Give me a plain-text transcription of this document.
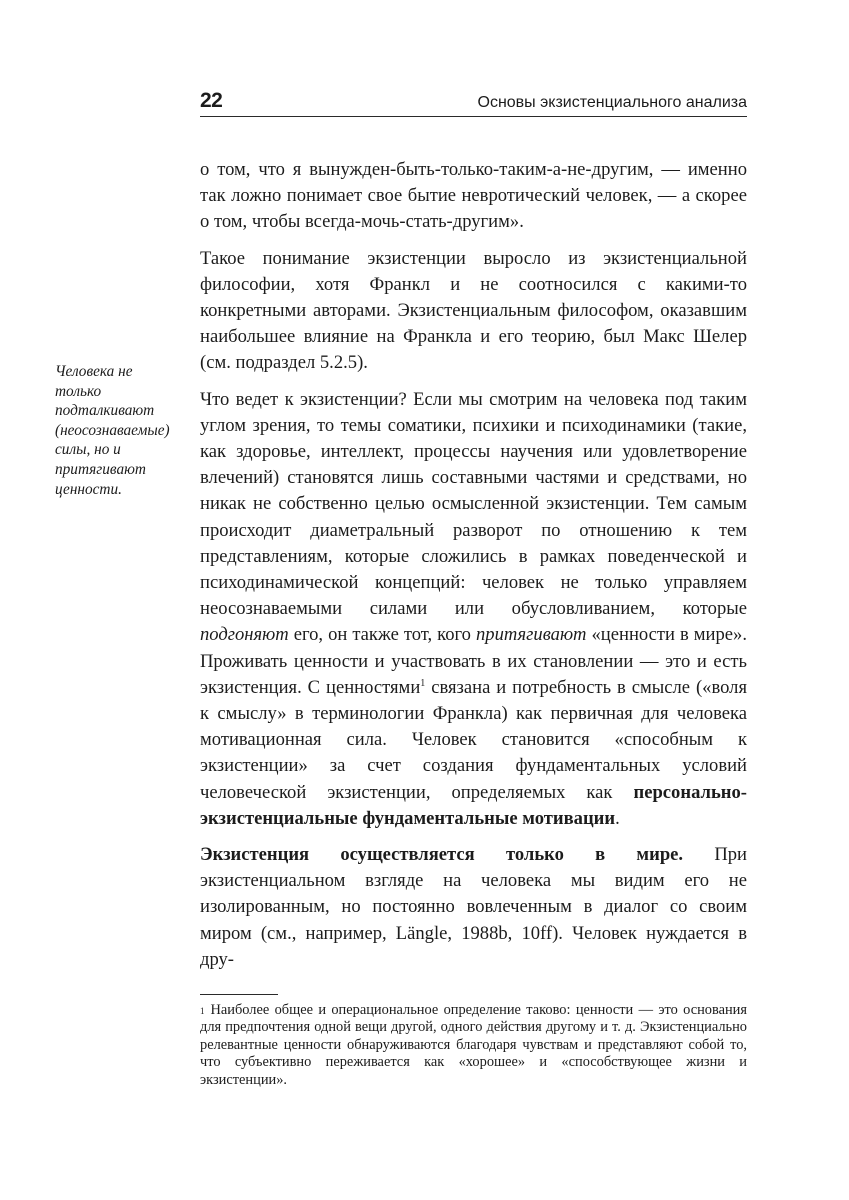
22	Основы экзистенциального анализа
Человека не только подталкивают (неосознаваемые) силы, но и притягивают ценности.

о том, что я вынужден-быть-только-таким-а-не-другим, — именно так ложно понимает свое бытие невротический человек, — а скорее о том, чтобы всегда-мочь-стать-другим».

Такое понимание экзистенции выросло из экзистенциальной философии, хотя Франкл и не соотносился с какими-то конкретными авторами. Экзистенциальным философом, оказавшим наибольшее влияние на Франкла и его теорию, был Макс Шелер (см. подраздел 5.2.5).

Что ведет к экзистенции? Если мы смотрим на человека под таким углом зрения, то темы соматики, психики и психодинамики (такие, как здоровье, интеллект, процессы научения или удовлетворение влечений) становятся лишь составными частями и средствами, но никак не собственно целью осмысленной экзистенции. Тем самым происходит диаметральный разворот по отношению к тем представлениям, которые сложились в рамках поведенческой и психодинамической концепций: человек не только управляем неосознаваемыми силами или обусловливанием, которые подгоняют его, он также тот, кого притягивают «ценности в мире». Проживать ценности и участвовать в их становлении — это и есть экзистенция. С ценностями$^1$ связана и потребность в смысле («воля к смыслу» в терминологии Франкла) как первичная для человека мотивационная сила. Человек становится «способным к экзистенции» за счет создания фундаментальных условий человеческой экзистенции, определяемых как персонально-экзистенциальные фундаментальные мотивации.

Экзистенция осуществляется только в мире. При экзистенциальном взгляде на человека мы видим его не изолированным, но постоянно вовлеченным в диалог со своим миром (см., например, Längle, 1988b, 10ff). Человек нуждается в дру-

$^1$ Наиболее общее и операциональное определение таково: ценности — это основания для предпочтения одной вещи другой, одного действия другому и т. д. Экзистенциально релевантные ценности обнаруживаются благодаря чувствам и представляют собой то, что субъективно переживается как «хорошее» и «способствующее жизни и экзистенции».
